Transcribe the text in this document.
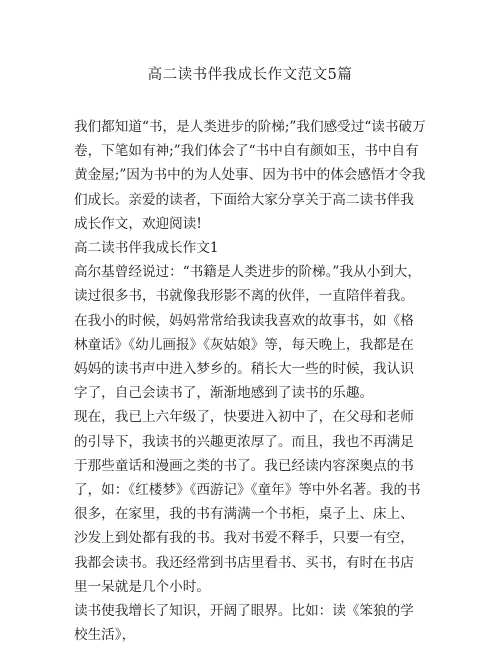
高二读书伴我成长作文范文5篇

我们都知道“书，是人类进步的阶梯;”我们感受过“读书破万卷，下笔如有神;”我们体会了“书中自有颜如玉，书中自有黄金屋;”因为书中的为人处事、因为书中的体会感悟才令我们成长。亲爱的读者，下面给大家分享关于高二读书伴我成长作文，欢迎阅读!

高二读书伴我成长作文1

高尔基曾经说过：“书籍是人类进步的阶梯。”我从小到大，读过很多书，书就像我形影不离的伙伴，一直陪伴着我。

在我小的时候，妈妈常常给我读我喜欢的故事书，如《格林童话》《幼儿画报》《灰姑娘》等，每天晚上，我都是在妈妈的读书声中进入梦乡的。稍长大一些的时候，我认识字了，自己会读书了，渐渐地感到了读书的乐趣。

现在，我已上六年级了，快要进入初中了，在父母和老师的引导下，我读书的兴趣更浓厚了。而且，我也不再满足于那些童话和漫画之类的书了。我已经读内容深奥点的书了，如：《红楼梦》《西游记》《童年》等中外名著。我的书很多，在家里，我的书有满满一个书柜，桌子上、床上、沙发上到处都有我的书。我对书爱不释手，只要一有空，我都会读书。我还经常到书店里看书、买书，有时在书店里一呆就是几个小时。

读书使我增长了知识，开阔了眼界。比如：读《笨狼的学校生活》，
